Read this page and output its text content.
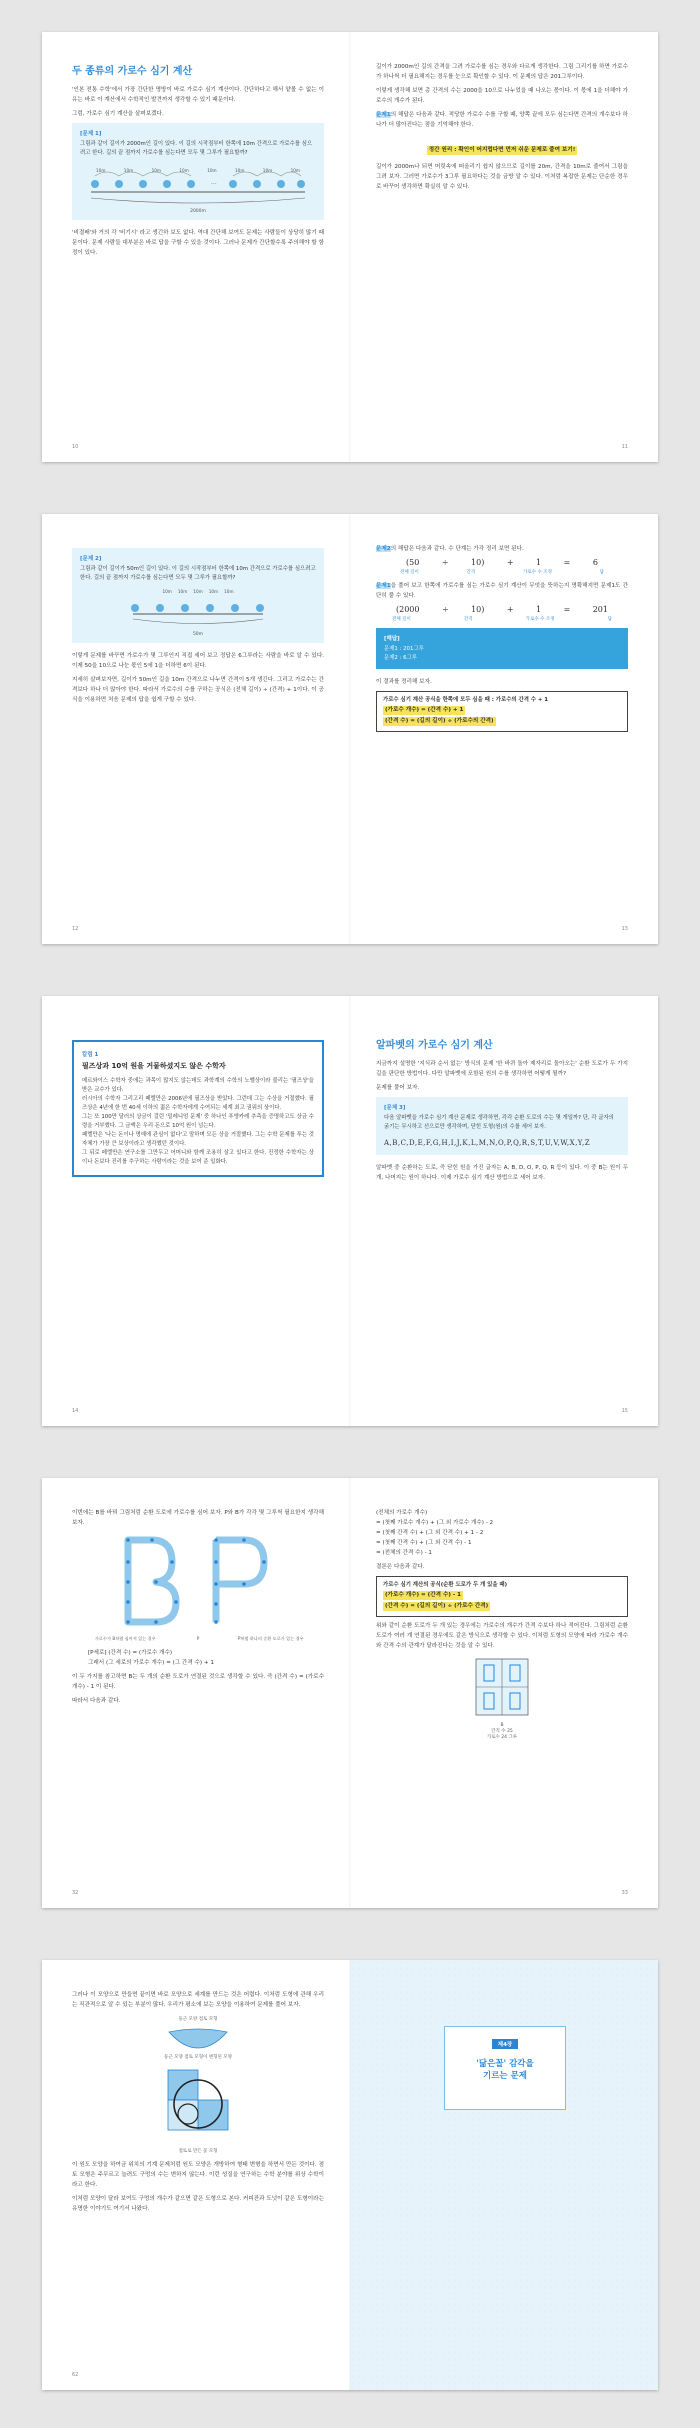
두 종류의 가로수 심기 계산

'인본 전통 수학'에서 가장 간단한 명방이 바로 가로수 심기 계산이다. 간단하다고 해서 얕볼 수 없는 이유는 바로 이 계산에서 수학적인 발견까지 생각할 수 있기 때문이다.

그럼, 가로수 심기 계산을 살펴보겠다.

[문제 1]

그림과 같이 길이가 2000m인 길이 있다. 이 길의 시작점부터 한쪽에 10m 간격으로 가로수를 심으려고 한다. 길의 끝 점까지 가로수를 심는다면 모두 몇 그루가 필요할까?

···
10m	10m	10m	10m	10m	10m	10m	10m
2000m

'비결배'와 거의 각 '비기시' 라고 생긴하 보도 없다. 역대 간단해 보여도 문제는 사람들이 상당히 많기 때문이다. 문제 사람들 대부분은 바로 답을 구할 수 있을 것이다. 그러나 문제가 간단할수록 주의해야 할 함정이 있다.

10

길이가 2000m인 길의 간격을 그려 가로수를 심는 경우와 다르게 생각한다. 그림 그리기를 하면 가로수가 하나씩 더 필요해지는 경우를 눈으로 확인할 수 있다. 이 문제의 답은 201그루이다.

이렇게 생각해 보면 총 간격의 수는 2000을 10으로 나누었을 때 나오는 몫이다. 이 몫에 1을 더해야 가로수의 개수가 된다.

문제1의 해답은 다음과 같다. 적당한 가로수 수를 구할 때, 양쪽 끝에 모두 심는다면 간격의 개수보다 하나가 더 많아진다는 점을 기억해야 한다.

정간 원리 : 확인이 어지럽다면 먼저 쉬운 문제로 줄여 보기!

길이가 2000m나 되면 머릿속에 떠올리기 쉽지 않으므로 길이를 20m, 간격을 10m로 줄여서 그림을 그려 보자. 그러면 가로수가 3그루 필요하다는 것을 금방 알 수 있다. 이처럼 복잡한 문제는 단순한 경우로 바꾸어 생각하면 확실히 알 수 있다.

11
[문제 2]

그림과 같이 길이가 50m인 길이 있다. 이 길의 시작점부터 한쪽에 10m 간격으로 가로수를 심으려고 한다. 길의 끝 점까지 가로수를 심는다면 모두 몇 그루가 필요할까?

10m 10m 10m 10m 10m
50m

이렇게 문제를 바꾸면 가로수가 몇 그루인지 직접 세어 보고 정답은 6그루라는 사람을 바로 알 수 있다. 이제 50을 10으로 나눈 몫인 5에 1을 더하면 6이 된다.

지세히 살펴보자면, 길이가 50m인 길을 10m 간격으로 나누면 간격이 5개 생긴다. 그리고 가로수는 간격보다 하나 더 많아야 한다. 따라서 가로수의 수를 구하는 공식은 (전체 길이) ÷ (간격) + 1이다. 이 공식을 이용하면 처음 문제의 답을 쉽게 구할 수 있다.

12

문제2의 해답은 다음과 같다. 수 단계는 가각 정리 보면 된다.

(50	÷	10)	+	1	=	6
전체 길이	간격	가로수 수 조정	답

문제1을 풀어 보고 한쪽에 가로수를 심는 가로수 심기 계산이 무엇을 뜻하는지 명확해지면 문제1도 간단히 풀 수 있다.

(2000	÷	10)	+	1	=	201
전체 길이	간격	가로수 수 조정	답
[해답]

문제1 : 201그루

문제2 : 6그루

이 결과를 정리해 보자.

가로수 심기 계산 공식을 한쪽에 모두 심을 때 : 가로수의 간격 수 + 1
(가로수 개수) = (간격 수) + 1
(간격 수) = (길의 길이) ÷ (가로수의 간격)
13
칼럼 1
필즈상과 10억 원을 거뭍하셨지도 않은 수학자

메르와이스 수학자 중에는 과목이 많지도 않는데도 과학계의 수학의 노벨상이라 불리는 '필즈상'을 받은 교수가 있다.

러시아의 수학자 그리고리 페렐만은 2006년에 필즈상을 받았다. 그런데 그는 수상을 거절했다. 필즈상은 4년에 한 번 40세 이하의 젊은 수학자에게 수여되는 세계 최고 권위의 상이다.

그는 또 100만 달러의 상금이 걸린 '밀레니엄 문제' 중 하나인 푸앵카레 추측을 증명하고도 상금 수령을 거부했다. 그 금액은 우리 돈으로 10억 원이 넘는다.

페렐만은 '나는 돈이나 명예에 관심이 없다'고 말하며 모든 상을 거절했다. 그는 수학 문제를 푸는 것 자체가 가장 큰 보상이라고 생각했던 것이다.

그 뒤로 페렐만은 연구소를 그만두고 어머니와 함께 조용히 살고 있다고 한다. 진정한 수학자는 상이나 돈보다 진리를 추구하는 사람이라는 것을 보여 준 일화다.

14
알파벳의 가로수 심기 계산

지금까지 설명한 '지식과 순서 없는' 방식의 문제 '한 바퀴 돌아 제자리로 돌아오는' 순환 도로가 두 가지 길을 판단한 방법이다. 다만 알파벳에 포함된 원의 수를 생각하면 어떻게 될까?

문제를 풀어 보자.

[문제 3]

다음 알파벳을 가로수 심기 계산 문제로 생각하면, 각각 순환 도로의 수는 몇 개일까? 단, 각 글자의 굵기는 무시하고 선으로만 생각하며, 닫힌 도형(원)의 수를 세어 보자.

A,B,C,D,E,F,G,H,I,J,K,L,M,N,O,P,Q,R,S,T,U,V,W,X,Y,Z

알파벳 중 순환하는 도로, 즉 닫힌 원을 가진 글자는 A, B, D, O, P, Q, R 등이 있다. 이 중 B는 원이 두 개, 나머지는 원이 하나다. 이제 가로수 심기 계산 방법으로 세어 보자.

15

이번에는 B를 바꿔 그림처럼 순환 도로에 가로수를 심어 보자. P와 B가 각각 몇 그루씩 필요한지 생각해 보자.

가로수가 B처럼 심어져 있는 경우	P	P처럼 하나의 순환 도로가 있는 경우

[P세로] (간격 수) = (가로수 개수)

그래서 (그 세로의 가로수 개수) = (그 간격 수) + 1

이 두 가지를 참고하면 B는 두 개의 순환 도로가 연결된 것으로 생각할 수 있다. 즉 (간격 수) = (가로수 개수) - 1 이 된다.

따라서 다음과 같다.

32

(전체의 가로수 개수)

= (첫째 가로수 개수) + (그 외 가로수 개수) - 2

= (첫째 간격 수) + (그 외 간격 수) + 1 - 2

= (첫째 간격 수) + (그 외 간격 수) - 1

= (전체의 간격 수) - 1

결론은 다음과 같다.

가로수 심기 계산의 공식(순환 도로가 두 개 있을 때)
(가로수 개수) = (간격 수) - 1
(간격 수) = (길의 길이) ÷ (가로수 간격)

위와 같이 순환 도로가 두 개 있는 경우에는 가로수의 개수가 간격 수보다 하나 적어진다. 그림처럼 순환 도로가 여러 개 연결된 경우에도 같은 방식으로 생각할 수 있다. 이처럼 도형의 모양에 따라 가로수 개수와 간격 수의 관계가 달라진다는 것을 알 수 있다.

B
간격 수 25
가로수 24 그루
33

그러나 이 모양으로 만들면 끝이면 바로 모양으로 세계를 만드는 것은 어렵다. 이처럼 도형에 관해 우리는 직관적으로 알 수 있는 부분이 많다. 우리가 평소에 보는 모양을 이용하여 문제를 풀어 보자.

둥근 모양 점토 모형
둥근 모양 점토 모형이 변형된 모양
점토로 만든 꽃 모형

이 원도 모양을 하여금 위치의 기계 문제처럼 원도 모양은 개방하여 형태 변형을 하면서 만든 것이다. 점토 모형은 주무르고 늘려도 구멍의 수는 변하지 않는다. 이런 성질을 연구하는 수학 분야를 위상 수학이라고 한다.

이처럼 모양이 달라 보여도 구멍의 개수가 같으면 같은 도형으로 본다. 커피잔과 도넛이 같은 도형이라는 유명한 이야기도 여기서 나왔다.

62
제4장
'닮은꼴' 감각을
기르는 문제
